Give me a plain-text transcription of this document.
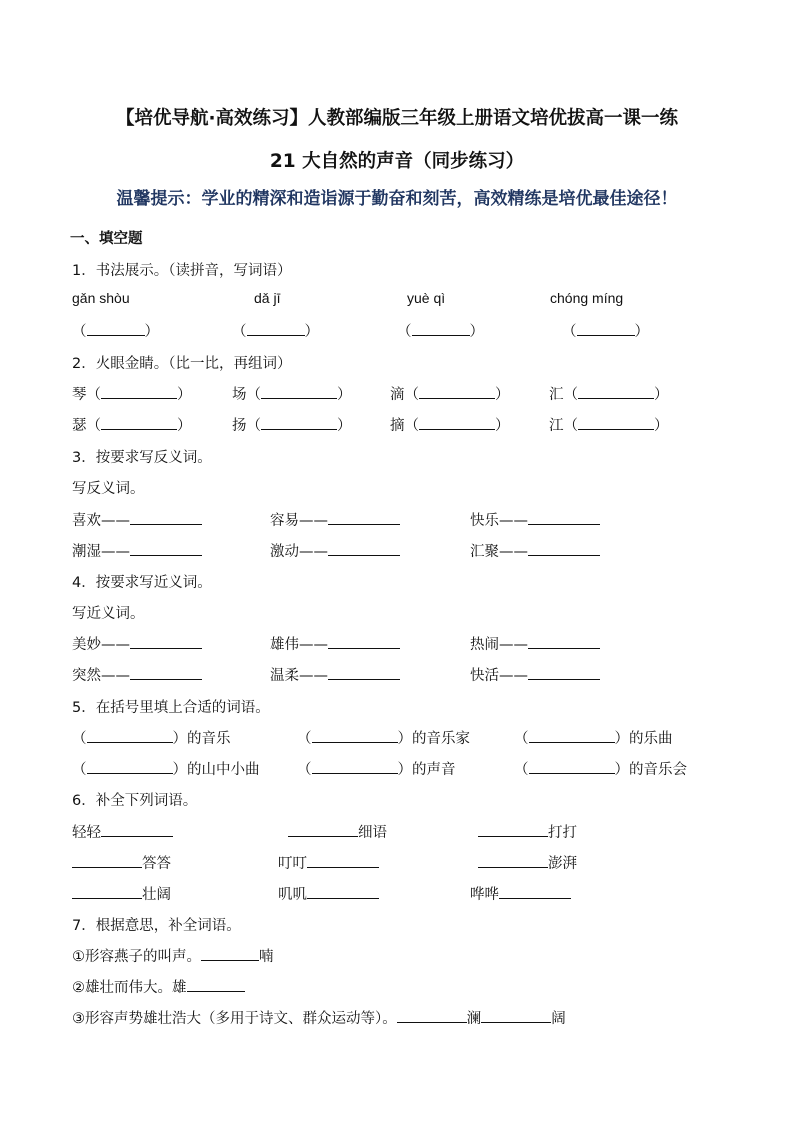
【培优导航·高效练习】人教部编版三年级上册语文培优拔高一课一练
21 大自然的声音（同步练习）
温馨提示：学业的精深和造诣源于勤奋和刻苦，高效精练是培优最佳途径！
一、填空题
1．书法展示。（读拼音，写词语）
gǎn shòu	dǎ jī	yuè qì	chóng míng
（	）	（	）	（	）	（	）
2．火眼金睛。（比一比，再组词）
琴（	）	场（	）	滴（	）	汇（	）
瑟（	）	扬（	）	摘（	）	江（	）
3．按要求写反义词。
写反义词。
喜欢——	容易——	快乐——
潮湿——	激动——	汇聚——
4．按要求写近义词。
写近义词。
美妙——	雄伟——	热闹——
突然——	温柔——	快活——
5．在括号里填上合适的词语。
（	）的音乐	（	）的音乐家	（	）的乐曲
（	）的山中小曲	（	）的声音	（	）的音乐会
6．补全下列词语。
轻轻	细语	打打
答答	叮叮	澎湃
壮阔	叽叽	哗哗
7．根据意思，补全词语。
①形容燕子的叫声。	喃
②雄壮而伟大。雄
③形容声势雄壮浩大（多用于诗文、群众运动等）。	澜	阔
